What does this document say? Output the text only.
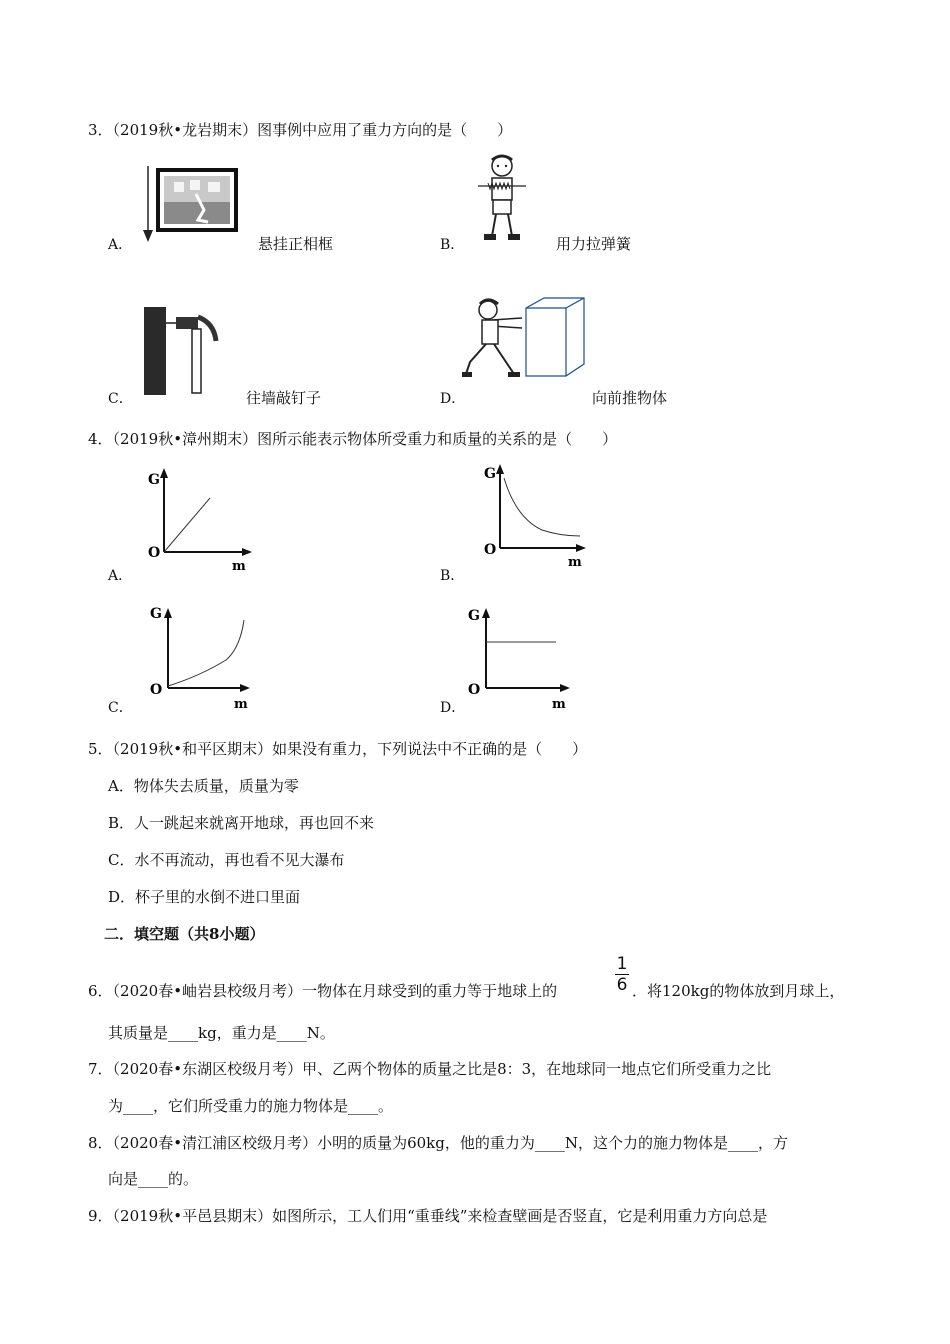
3．（2019秋•龙岩期末）图事例中应用了重力方向的是（　　）
A．	悬挂正相框	B．	用力拉弹簧
C．	往墙敲钉子	D．	向前推物体
4．（2019秋•漳州期末）图所示能表示物体所受重力和质量的关系的是（　　）
G
O
m
A．
G
O
m
B．
G
O
m
C．
G
O
m
D．
5．（2019秋•和平区期末）如果没有重力，下列说法中不正确的是（　　）
A．物体失去质量，质量为零
B．人一跳起来就离开地球，再也回不来
C．水不再流动，再也看不见大瀑布
D．杯子里的水倒不进口里面
二．填空题（共8小题）
6．（2020春•岫岩县校级月考）一物体在月球受到的重力等于地球上的
1
6 ．将120kg的物体放到月球上，
其质量是____kg，重力是____N。
7．（2020春•东湖区校级月考）甲、乙两个物体的质量之比是8：3，在地球同一地点它们所受重力之比
为____，它们所受重力的施力物体是____。
8．（2020春•清江浦区校级月考）小明的质量为60kg，他的重力为____N，这个力的施力物体是____，方
向是____的。
9．（2019秋•平邑县期末）如图所示，工人们用“重垂线”来检查壁画是否竖直，它是利用重力方向总是
